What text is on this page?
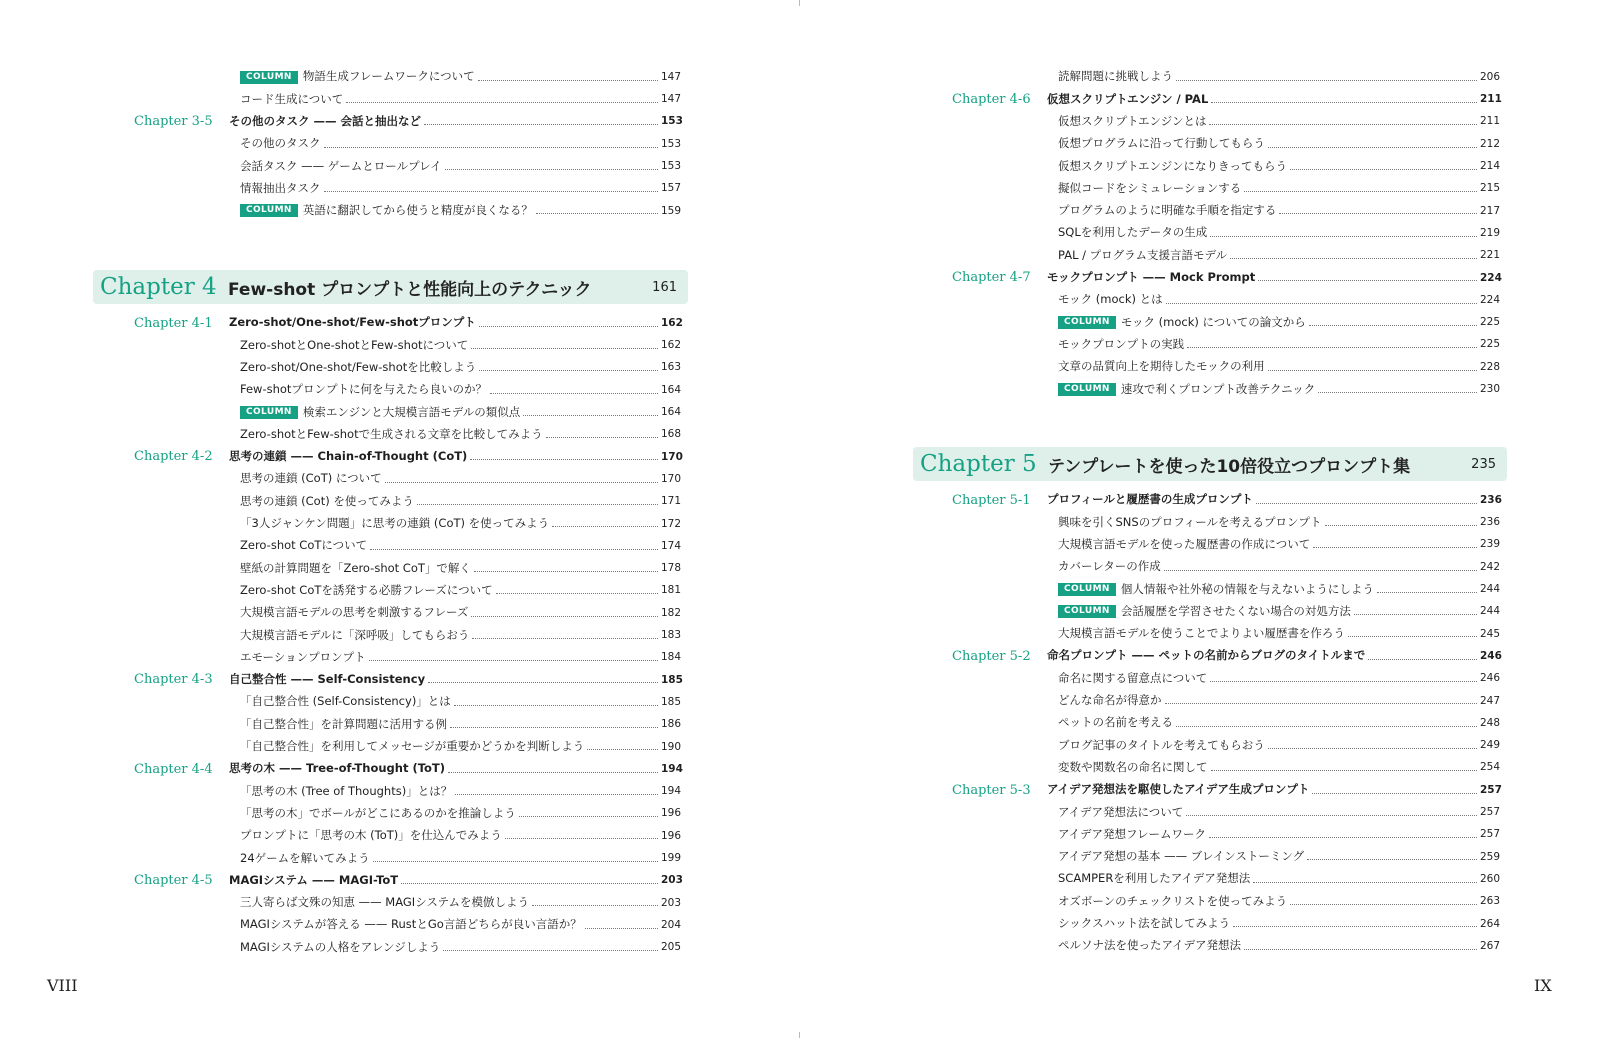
COLUMN 物語生成フレームワークについて	147
コード生成について	147
Chapter 3-5	その他のタスク —— 会話と抽出など	153
その他のタスク	153
会話タスク —— ゲームとロールプレイ	153
情報抽出タスク	157
COLUMN 英語に翻訳してから使うと精度が良くなる？	159
Chapter 4 Few-shot プロンプトと性能向上のテクニック	161
Chapter 4-1	Zero-shot/One-shot/Few-shotプロンプト	162
Zero-shotとOne-shotとFew-shotについて	162
Zero-shot/One-shot/Few-shotを比較しよう	163
Few-shotプロンプトに何を与えたら良いのか？	164
COLUMN 検索エンジンと大規模言語モデルの類似点	164
Zero-shotとFew-shotで生成される文章を比較してみよう	168
Chapter 4-2	思考の連鎖 —— Chain-of-Thought (CoT)	170
思考の連鎖 (CoT) について	170
思考の連鎖 (Cot) を使ってみよう	171
「3人ジャンケン問題」に思考の連鎖 (CoT) を使ってみよう	172
Zero-shot CoTについて	174
壁紙の計算問題を「Zero-shot CoT」で解く	178
Zero-shot CoTを誘発する必勝フレーズについて	181
大規模言語モデルの思考を刺激するフレーズ	182
大規模言語モデルに「深呼吸」してもらおう	183
エモーションプロンプト	184
Chapter 4-3	自己整合性 —— Self-Consistency	185
「自己整合性 (Self-Consistency)」とは	185
「自己整合性」を計算問題に活用する例	186
「自己整合性」を利用してメッセージが重要かどうかを判断しよう	190
Chapter 4-4	思考の木 —— Tree-of-Thought (ToT)	194
「思考の木 (Tree of Thoughts)」とは？	194
「思考の木」でボールがどこにあるのかを推論しよう	196
プロンプトに「思考の木 (ToT)」を仕込んでみよう	196
24ゲームを解いてみよう	199
Chapter 4-5	MAGIシステム —— MAGI-ToT	203
三人寄らば文殊の知恵 —— MAGIシステムを模倣しよう	203
MAGIシステムが答える —— RustとGo言語どちらが良い言語か？	204
MAGIシステムの人格をアレンジしよう	205
VIII
読解問題に挑戦しよう	206
Chapter 4-6	仮想スクリプトエンジン / PAL	211
仮想スクリプトエンジンとは	211
仮想プログラムに沿って行動してもらう	212
仮想スクリプトエンジンになりきってもらう	214
擬似コードをシミュレーションする	215
プログラムのように明確な手順を指定する	217
SQLを利用したデータの生成	219
PAL / プログラム支援言語モデル	221
Chapter 4-7	モックプロンプト —— Mock Prompt	224
モック (mock) とは	224
COLUMN モック (mock) についての論文から	225
モックプロンプトの実践	225
文章の品質向上を期待したモックの利用	228
COLUMN 速攻で利くプロンプト改善テクニック	230
Chapter 5 テンプレートを使った10倍役立つプロンプト集	235
Chapter 5-1	プロフィールと履歴書の生成プロンプト	236
興味を引くSNSのプロフィールを考えるプロンプト	236
大規模言語モデルを使った履歴書の作成について	239
カバーレターの作成	242
COLUMN 個人情報や社外秘の情報を与えないようにしよう	244
COLUMN 会話履歴を学習させたくない場合の対処方法	244
大規模言語モデルを使うことでよりよい履歴書を作ろう	245
Chapter 5-2	命名プロンプト —— ペットの名前からブログのタイトルまで	246
命名に関する留意点について	246
どんな命名が得意か	247
ペットの名前を考える	248
ブログ記事のタイトルを考えてもらおう	249
変数や関数名の命名に関して	254
Chapter 5-3	アイデア発想法を駆使したアイデア生成プロンプト	257
アイデア発想法について	257
アイデア発想フレームワーク	257
アイデア発想の基本 —— ブレインストーミング	259
SCAMPERを利用したアイデア発想法	260
オズボーンのチェックリストを使ってみよう	263
シックスハット法を試してみよう	264
ペルソナ法を使ったアイデア発想法	267
IX
